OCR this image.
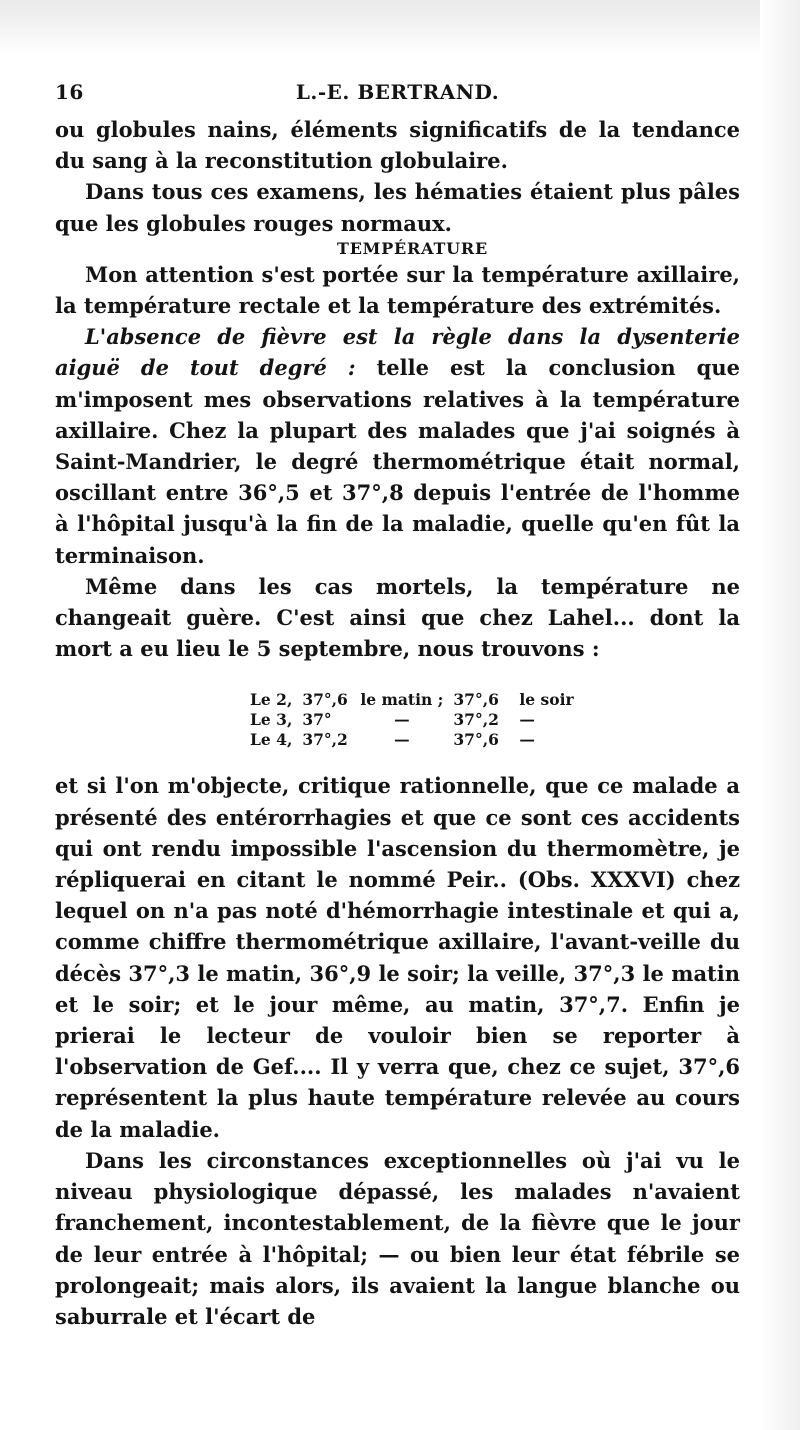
16	L.-E. BERTRAND.

ou globules nains, éléments significatifs de la tendance du sang à la reconstitution globulaire.

Dans tous ces examens, les hématies étaient plus pâles que les globules rouges normaux.

TEMPÉRATURE

Mon attention s'est portée sur la température axillaire, la température rectale et la température des extrémités.

L'absence de fièvre est la règle dans la dysenterie aiguë de tout degré : telle est la conclusion que m'imposent mes observations relatives à la température axillaire. Chez la plupart des malades que j'ai soignés à Saint-Mandrier, le degré thermométrique était normal, oscillant entre 36°,5 et 37°,8 depuis l'entrée de l'homme à l'hôpital jusqu'à la fin de la maladie, quelle qu'en fût la terminaison.

Même dans les cas mortels, la température ne changeait guère. C'est ainsi que chez Lahel... dont la mort a eu lieu le 5 septembre, nous trouvons :

Le 2,	37°,6	le matin ;	37°,6	le soir
Le 3,	37°	—	37°,2	—
Le 4,	37°,2	—	37°,6	—

et si l'on m'objecte, critique rationnelle, que ce malade a présenté des entérorrhagies et que ce sont ces accidents qui ont rendu impossible l'ascension du thermomètre, je répliquerai en citant le nommé Peir.. (Obs. XXXVI) chez lequel on n'a pas noté d'hémorrhagie intestinale et qui a, comme chiffre thermométrique axillaire, l'avant-veille du décès 37°,3 le matin, 36°,9 le soir; la veille, 37°,3 le matin et le soir; et le jour même, au matin, 37°,7. Enfin je prierai le lecteur de vouloir bien se reporter à l'observation de Gef.... Il y verra que, chez ce sujet, 37°,6 représentent la plus haute température relevée au cours de la maladie.

Dans les circonstances exceptionnelles où j'ai vu le niveau physiologique dépassé, les malades n'avaient franchement, incontestablement, de la fièvre que le jour de leur entrée à l'hôpital; — ou bien leur état fébrile se prolongeait; mais alors, ils avaient la langue blanche ou saburrale et l'écart de
